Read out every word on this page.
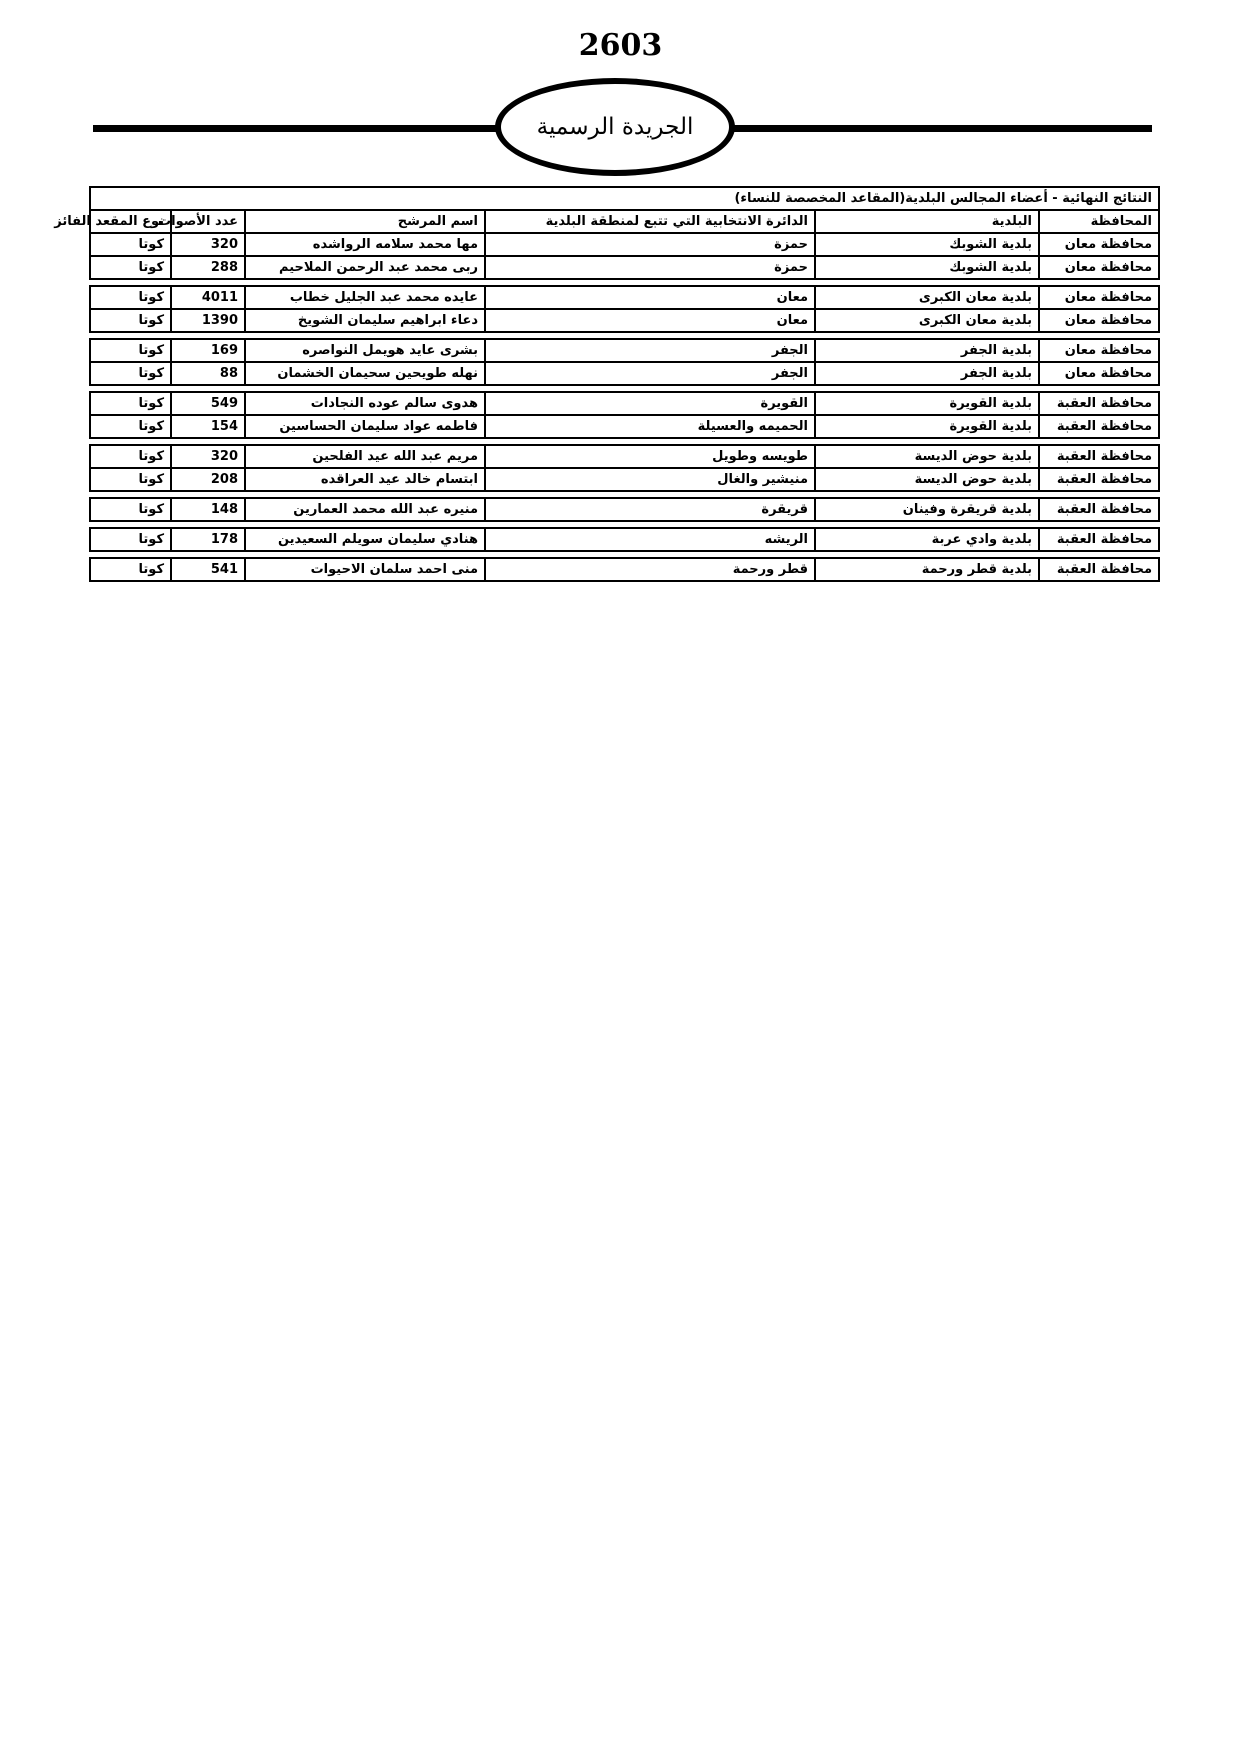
2603
الجريدة الرسمية
النتائج النهائية - أعضاء المجالس البلدية(المقاعد المخصصة للنساء)					
المحافظة	البلدية	الدائرة الانتخابية التي تتبع لمنطقة البلدية	اسم المرشح	عدد الأصوات	نوع المقعد الفائز
محافظة معان	بلدية الشوبك	حمزة	مها محمد سلامه الرواشده	320	كوتا
محافظة معان	بلدية الشوبك	حمزة	ربى محمد عبد الرحمن الملاحيم	288	كوتا

محافظة معان	بلدية معان الكبرى	معان	عايده محمد عبد الجليل خطاب	4011	كوتا
محافظة معان	بلدية معان الكبرى	معان	دعاء ابراهيم سليمان الشويخ	1390	كوتا

محافظة معان	بلدية الجفر	الجفر	بشرى عايد هويمل النواصره	169	كوتا
محافظة معان	بلدية الجفر	الجفر	نهله طويحين سحيمان الخشمان	88	كوتا

محافظة العقبة	بلدية القويرة	القويرة	هدوى سالم عوده النجادات	549	كوتا
محافظة العقبة	بلدية القويرة	الحميمه والعسيلة	فاطمه عواد سليمان الحساسين	154	كوتا

محافظة العقبة	بلدية حوض الديسة	طويسه وطويل	مريم عبد الله عيد الفلحين	320	كوتا
محافظة العقبة	بلدية حوض الديسة	منيشير والغال	ابتسام خالد عيد العراقده	208	كوتا

محافظة العقبة	بلدية قريقرة وفينان	قريقرة	منيره عبد الله محمد العمارين	148	كوتا

محافظة العقبة	بلدية وادي عربة	الريشه	هنادي سليمان سويلم السعيدين	178	كوتا

محافظة العقبة	بلدية قطر ورحمة	قطر ورحمة	منى احمد سلمان الاحيوات	541	كوتا
